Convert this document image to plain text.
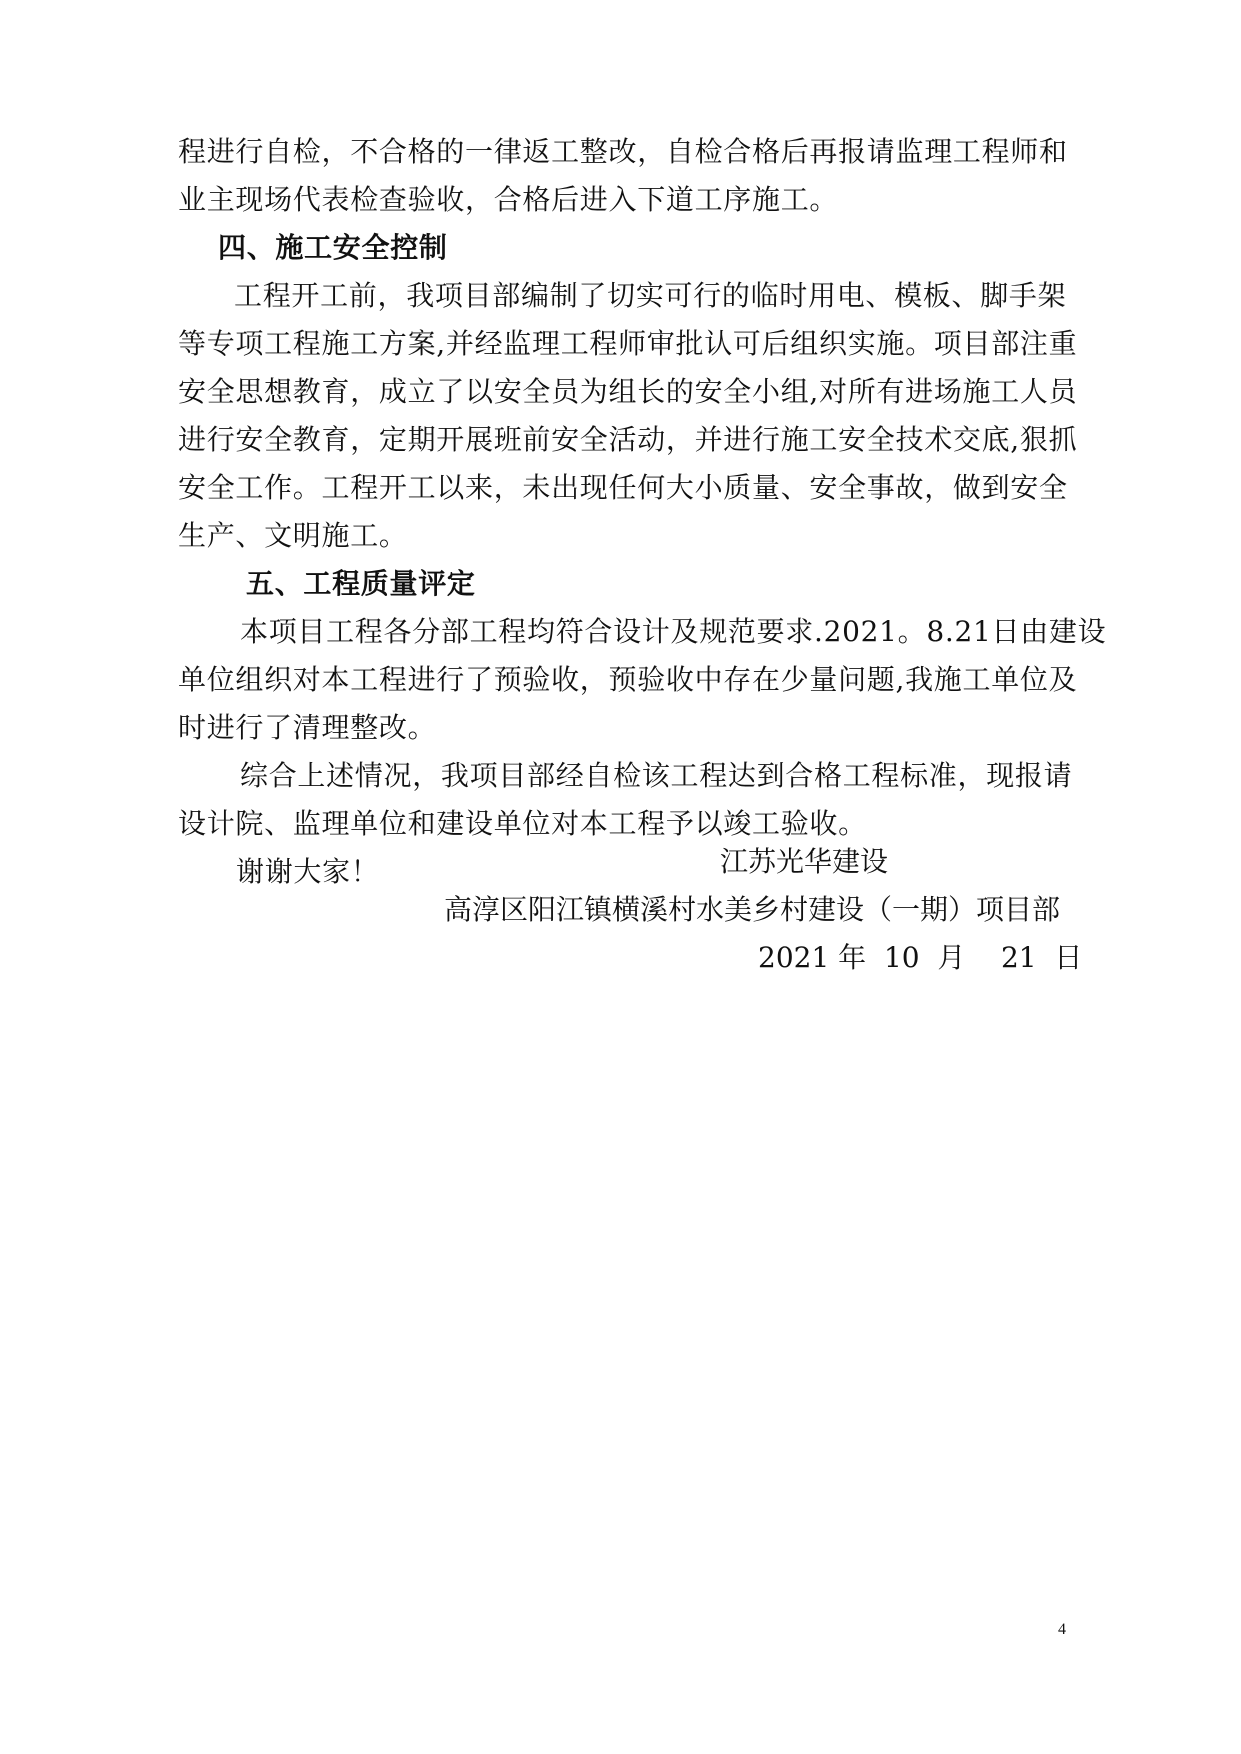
程进行自检，不合格的一律返工整改，自检合格后再报请监理工程师和
业主现场代表检查验收，合格后进入下道工序施工。
四、施工安全控制
工程开工前，我项目部编制了切实可行的临时用电、模板、脚手架
等专项工程施工方案,并经监理工程师审批认可后组织实施。项目部注重
安全思想教育，成立了以安全员为组长的安全小组,对所有进场施工人员
进行安全教育，定期开展班前安全活动，并进行施工安全技术交底,狠抓
安全工作。工程开工以来，未出现任何大小质量、安全事故，做到安全
生产、文明施工。
五、工程质量评定
本项目工程各分部工程均符合设计及规范要求.2021。8.21日由建设
单位组织对本工程进行了预验收，预验收中存在少量问题,我施工单位及
时进行了清理整改。
综合上述情况，我项目部经自检该工程达到合格工程标准，现报请
设计院、监理单位和建设单位对本工程予以竣工验收。
谢谢大家！	江苏光华建设
高淳区阳江镇横溪村水美乡村建设（一期）项目部
2021 年  10  月    21  日
4
